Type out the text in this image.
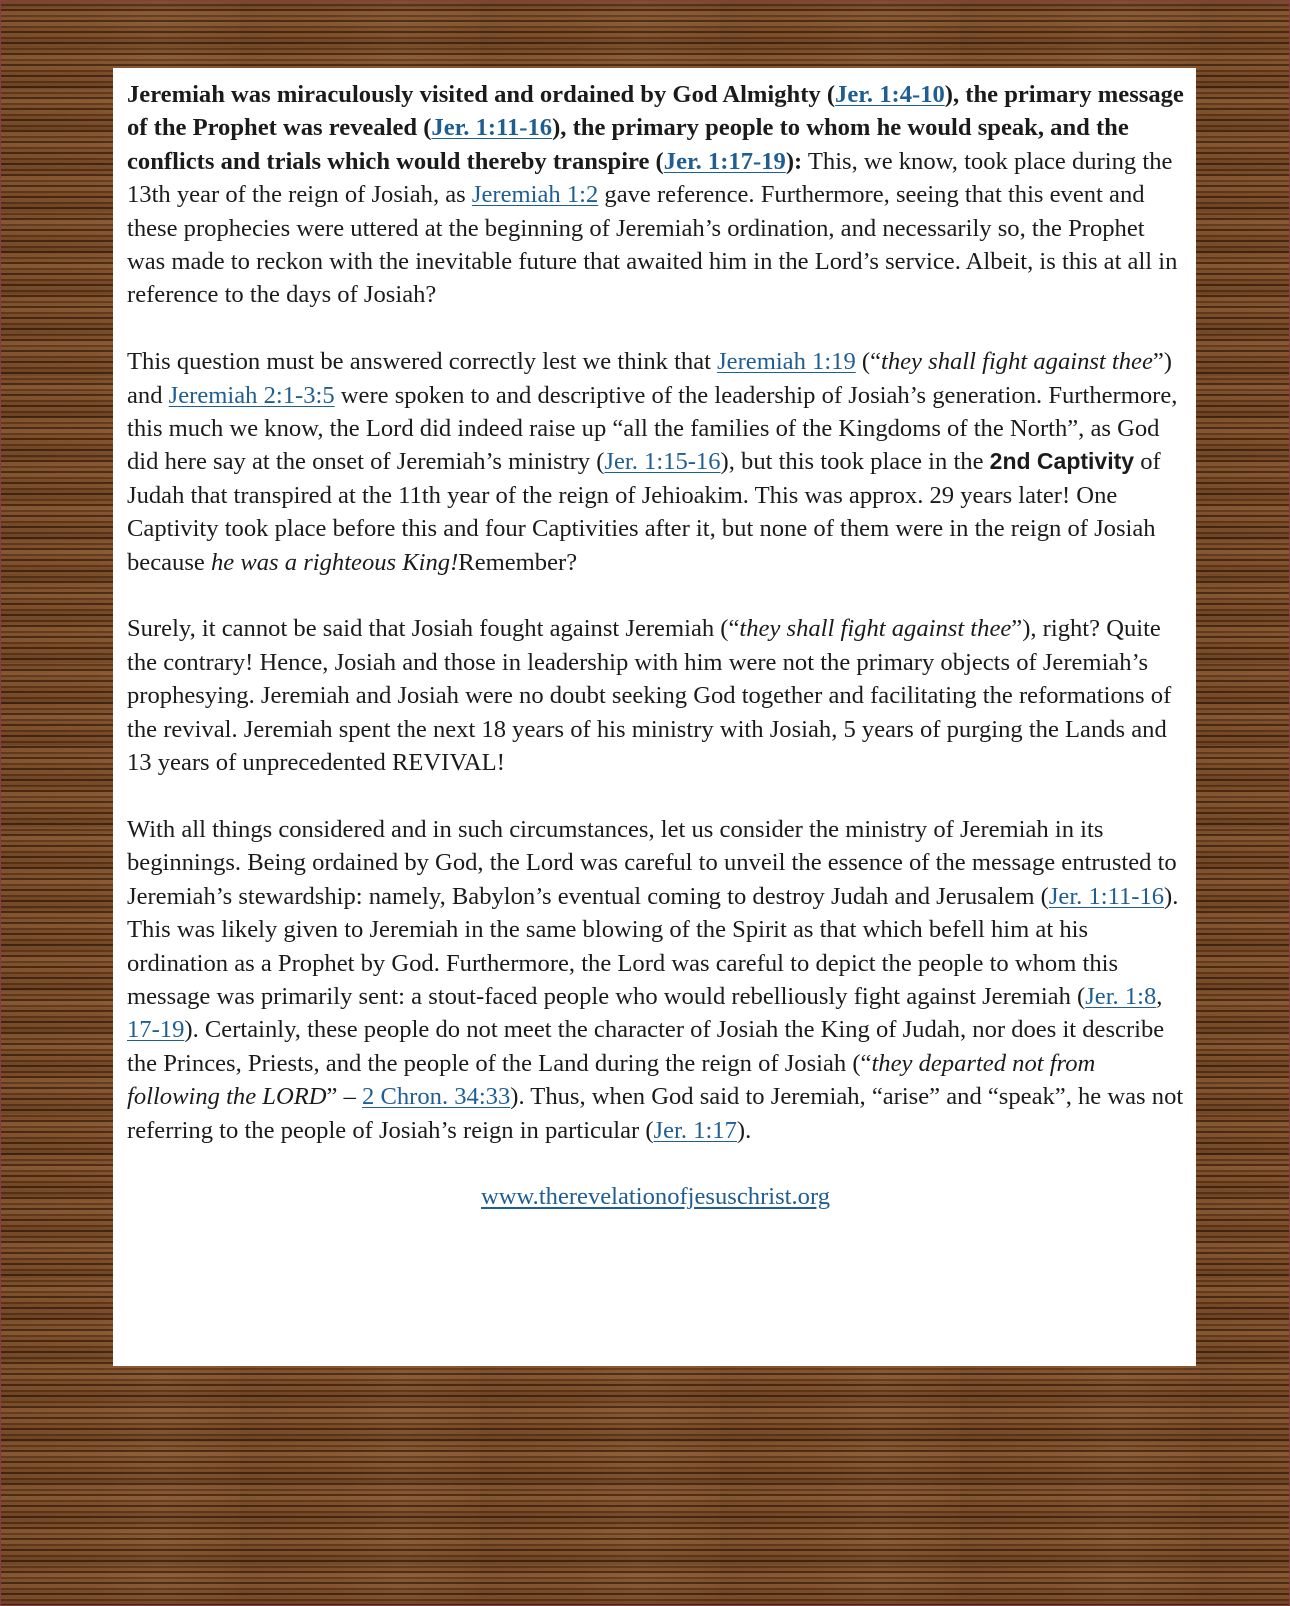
Jeremiah was miraculously visited and ordained by God Almighty (Jer. 1:4-10), the primary message of the Prophet was revealed (Jer. 1:11-16), the primary people to whom he would speak, and the conflicts and trials which would thereby transpire (Jer. 1:17-19): This, we know, took place during the 13th year of the reign of Josiah, as Jeremiah 1:2 gave reference. Furthermore, seeing that this event and these prophecies were uttered at the beginning of Jeremiah’s ordination, and necessarily so, the Prophet was made to reckon with the inevitable future that awaited him in the Lord’s service. Albeit, is this at all in reference to the days of Josiah?

This question must be answered correctly lest we think that Jeremiah 1:19 (“they shall fight against thee”) and Jeremiah 2:1-3:5 were spoken to and descriptive of the leadership of Josiah’s generation. Furthermore, this much we know, the Lord did indeed raise up “all the families of the Kingdoms of the North”, as God did here say at the onset of Jeremiah’s ministry (Jer. 1:15-16), but this took place in the 2nd Captivity of Judah that transpired at the 11th year of the reign of Jehioakim. This was approx. 29 years later! One Captivity took place before this and four Captivities after it, but none of them were in the reign of Josiah because he was a righteous King!Remember?

Surely, it cannot be said that Josiah fought against Jeremiah (“they shall fight against thee”), right? Quite the contrary! Hence, Josiah and those in leadership with him were not the primary objects of Jeremiah’s prophesying. Jeremiah and Josiah were no doubt seeking God together and facilitating the reformations of the revival. Jeremiah spent the next 18 years of his ministry with Josiah, 5 years of purging the Lands and 13 years of unprecedented REVIVAL!

With all things considered and in such circumstances, let us consider the ministry of Jeremiah in its beginnings. Being ordained by God, the Lord was careful to unveil the essence of the message entrusted to Jeremiah’s stewardship: namely, Babylon’s eventual coming to destroy Judah and Jerusalem (Jer. 1:11-16). This was likely given to Jeremiah in the same blowing of the Spirit as that which befell him at his ordination as a Prophet by God. Furthermore, the Lord was careful to depict the people to whom this message was primarily sent: a stout-faced people who would rebelliously fight against Jeremiah (Jer. 1:8, 17-19). Certainly, these people do not meet the character of Josiah the King of Judah, nor does it describe the Princes, Priests, and the people of the Land during the reign of Josiah (“they departed not from following the LORD” – 2 Chron. 34:33). Thus, when God said to Jeremiah, “arise” and “speak”, he was not referring to the people of Josiah’s reign in particular (Jer. 1:17).

www.therevelationofjesuschrist.org
